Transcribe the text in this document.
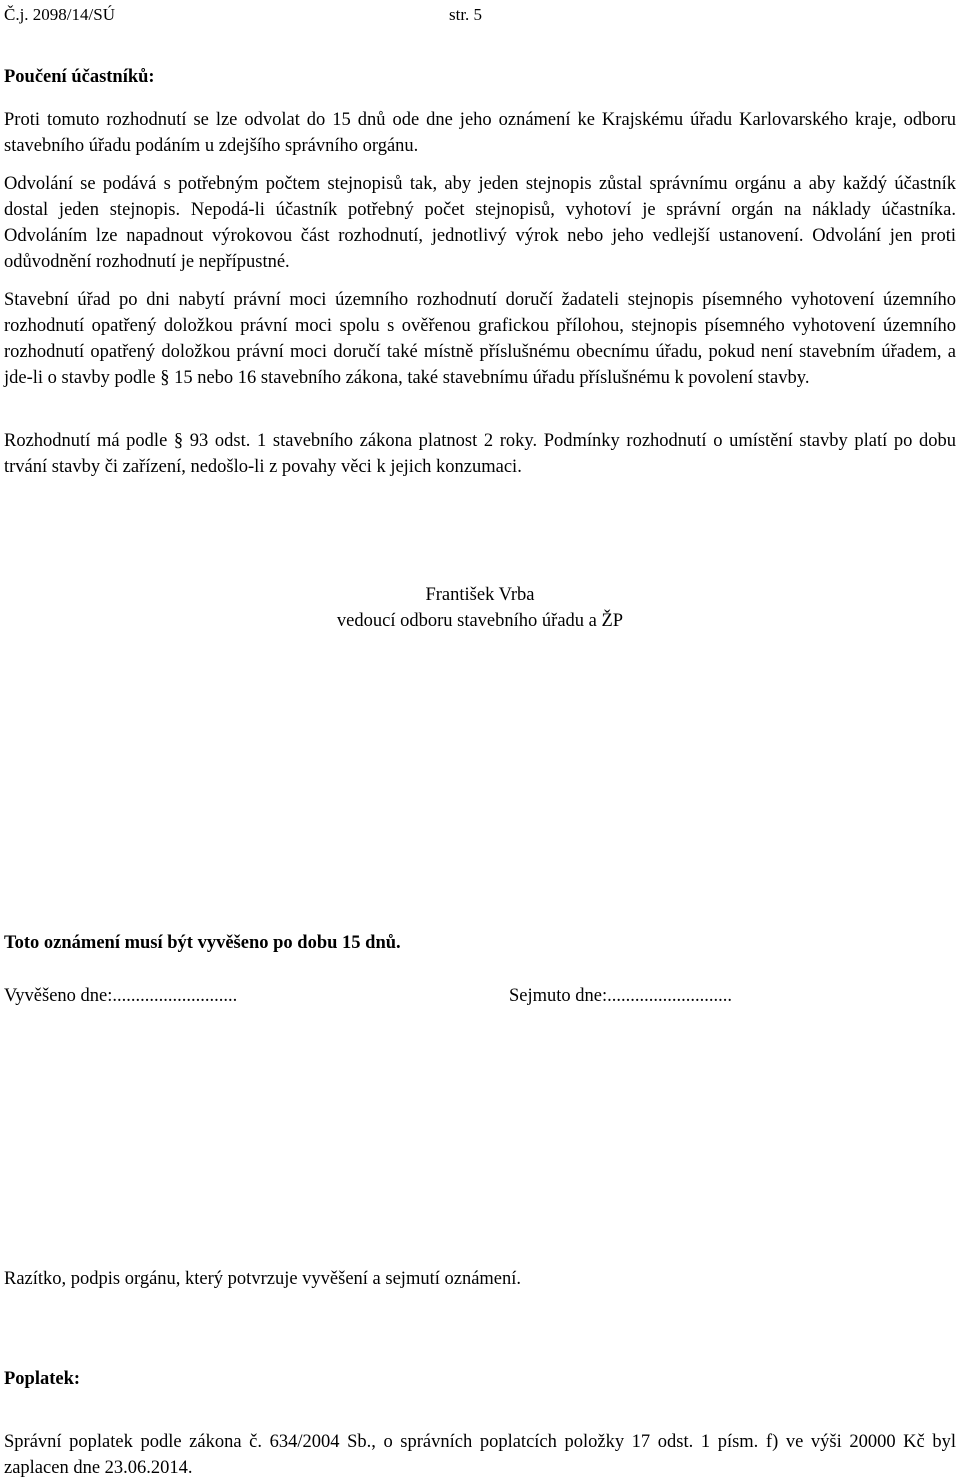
Č.j. 2098/14/SÚ	str. 5
Poučení účastníků:

Proti tomuto rozhodnutí se lze odvolat do 15 dnů ode dne jeho oznámení ke Krajskému úřadu Karlovarského kraje, odboru stavebního úřadu podáním u zdejšího správního orgánu.

Odvolání se podává s potřebným počtem stejnopisů tak, aby jeden stejnopis zůstal správnímu orgánu a aby každý účastník dostal jeden stejnopis. Nepodá-li účastník potřebný počet stejnopisů, vyhotoví je správní orgán na náklady účastníka. Odvoláním lze napadnout výrokovou část rozhodnutí, jednotlivý výrok nebo jeho vedlejší ustanovení. Odvolání jen proti odůvodnění rozhodnutí je nepřípustné.

Stavební úřad po dni nabytí právní moci územního rozhodnutí doručí žadateli stejnopis písemného vyhotovení územního rozhodnutí opatřený doložkou právní moci spolu s ověřenou grafickou přílohou, stejnopis písemného vyhotovení územního rozhodnutí opatřený doložkou právní moci doručí také místně příslušnému obecnímu úřadu, pokud není stavebním úřadem, a jde-li o stavby podle § 15 nebo 16 stavebního zákona, také stavebnímu úřadu příslušnému k povolení stavby.

Rozhodnutí má podle § 93 odst. 1 stavebního zákona platnost 2 roky. Podmínky rozhodnutí o umístění stavby platí po dobu trvání stavby či zařízení, nedošlo-li z povahy věci k jejich konzumaci.

František Vrba
vedoucí odboru stavebního úřadu a ŽP
Toto oznámení musí být vyvěšeno po dobu 15 dnů.
Vyvěšeno dne:...........................	Sejmuto dne:...........................
Razítko, podpis orgánu, který potvrzuje vyvěšení a sejmutí oznámení.
Poplatek:

Správní poplatek podle zákona č. 634/2004 Sb., o správních poplatcích položky 17 odst. 1 písm. f) ve výši 20000 Kč byl zaplacen dne 23.06.2014.
